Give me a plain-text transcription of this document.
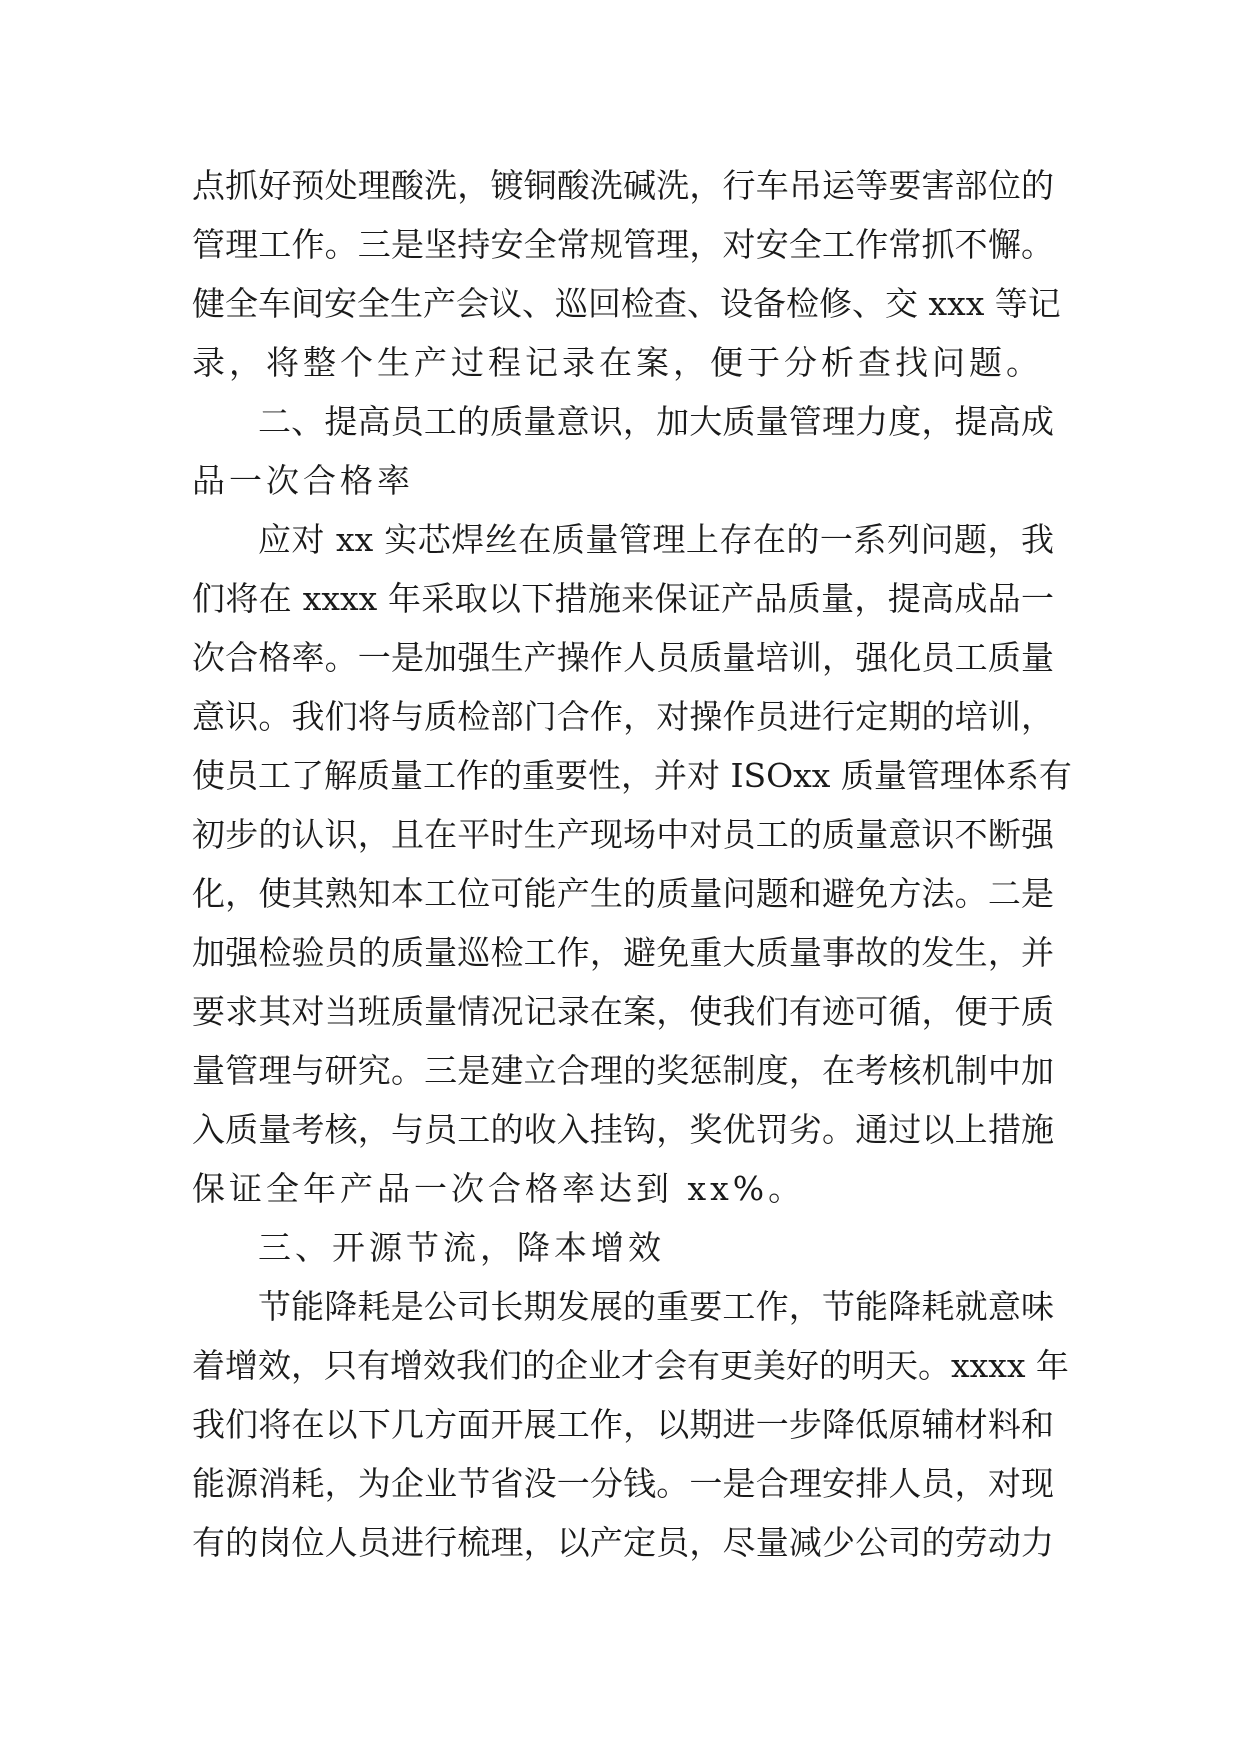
点抓好预处理酸洗，镀铜酸洗碱洗，行车吊运等要害部位的
管理工作。三是坚持安全常规管理，对安全工作常抓不懈。
健全车间安全生产会议、巡回检查、设备检修、交 xxx 等记
录，将整个生产过程记录在案，便于分析查找问题。
二、提高员工的质量意识，加大质量管理力度，提高成
品一次合格率
应对 xx 实芯焊丝在质量管理上存在的一系列问题，我
们将在 xxxx 年采取以下措施来保证产品质量，提高成品一
次合格率。一是加强生产操作人员质量培训，强化员工质量
意识。我们将与质检部门合作，对操作员进行定期的培训，
使员工了解质量工作的重要性，并对 ISOxx 质量管理体系有
初步的认识，且在平时生产现场中对员工的质量意识不断强
化，使其熟知本工位可能产生的质量问题和避免方法。二是
加强检验员的质量巡检工作，避免重大质量事故的发生，并
要求其对当班质量情况记录在案，使我们有迹可循，便于质
量管理与研究。三是建立合理的奖惩制度，在考核机制中加
入质量考核，与员工的收入挂钩，奖优罚劣。通过以上措施
保证全年产品一次合格率达到 xx%。
三、开源节流，降本增效
节能降耗是公司长期发展的重要工作，节能降耗就意味
着增效，只有增效我们的企业才会有更美好的明天。xxxx 年
我们将在以下几方面开展工作，以期进一步降低原辅材料和
能源消耗，为企业节省没一分钱。一是合理安排人员，对现
有的岗位人员进行梳理，以产定员，尽量减少公司的劳动力
